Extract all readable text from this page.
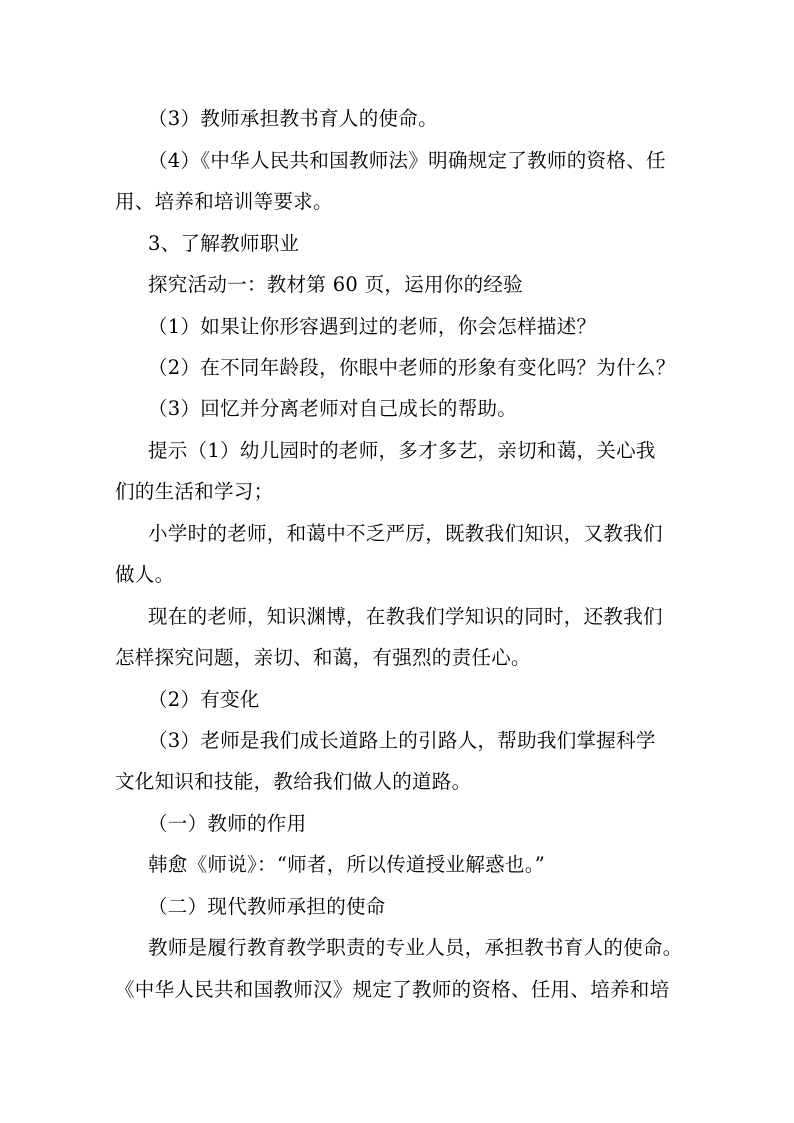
（3）教师承担教书育人的使命。
（4）《中华人民共和国教师法》明确规定了教师的资格、任
用、培养和培训等要求。
3、了解教师职业
探究活动一：教材第 60 页，运用你的经验
（1）如果让你形容遇到过的老师，你会怎样描述？
（2）在不同年龄段，你眼中老师的形象有变化吗？为什么？
（3）回忆并分离老师对自己成长的帮助。
提示（1）幼儿园时的老师，多才多艺，亲切和蔼，关心我
们的生活和学习；
小学时的老师，和蔼中不乏严厉，既教我们知识，又教我们
做人。
现在的老师，知识渊博，在教我们学知识的同时，还教我们
怎样探究问题，亲切、和蔼，有强烈的责任心。
（2）有变化
（3）老师是我们成长道路上的引路人，帮助我们掌握科学
文化知识和技能，教给我们做人的道路。
（一）教师的作用
韩愈《师说》：“师者，所以传道授业解惑也。”
（二）现代教师承担的使命
教师是履行教育教学职责的专业人员，承担教书育人的使命。
《中华人民共和国教师汉》规定了教师的资格、任用、培养和培
